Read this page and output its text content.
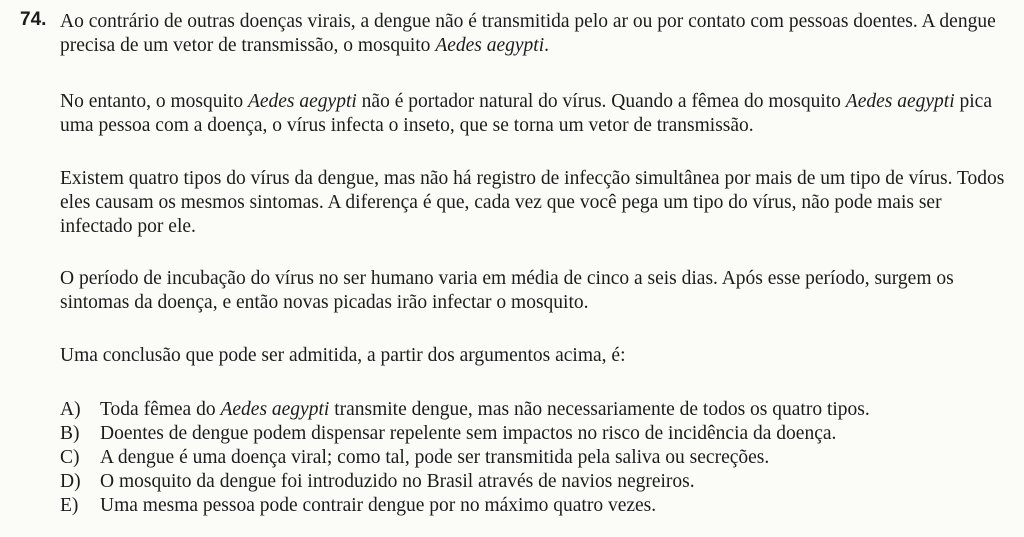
74. Ao contrário de outras doenças virais, a dengue não é transmitida pelo ar ou por contato com pessoas doentes. A dengue precisa de um vetor de transmissão, o mosquito Aedes aegypti.

No entanto, o mosquito Aedes aegypti não é portador natural do vírus. Quando a fêmea do mosquito Aedes aegypti pica uma pessoa com a doença, o vírus infecta o inseto, que se torna um vetor de transmissão.

Existem quatro tipos do vírus da dengue, mas não há registro de infecção simultânea por mais de um tipo de vírus. Todos eles causam os mesmos sintomas. A diferença é que, cada vez que você pega um tipo do vírus, não pode mais ser infectado por ele.

O período de incubação do vírus no ser humano varia em média de cinco a seis dias. Após esse período, surgem os sintomas da doença, e então novas picadas irão infectar o mosquito.

Uma conclusão que pode ser admitida, a partir dos argumentos acima, é:

A) Toda fêmea do Aedes aegypti transmite dengue, mas não necessariamente de todos os quatro tipos.
B)	Doentes de dengue podem dispensar repelente sem impactos no risco de incidência da doença.
C)	A dengue é uma doença viral; como tal, pode ser transmitida pela saliva ou secreções.
D) O mosquito da dengue foi introduzido no Brasil através de navios negreiros.
E)	Uma mesma pessoa pode contrair dengue por no máximo quatro vezes.
